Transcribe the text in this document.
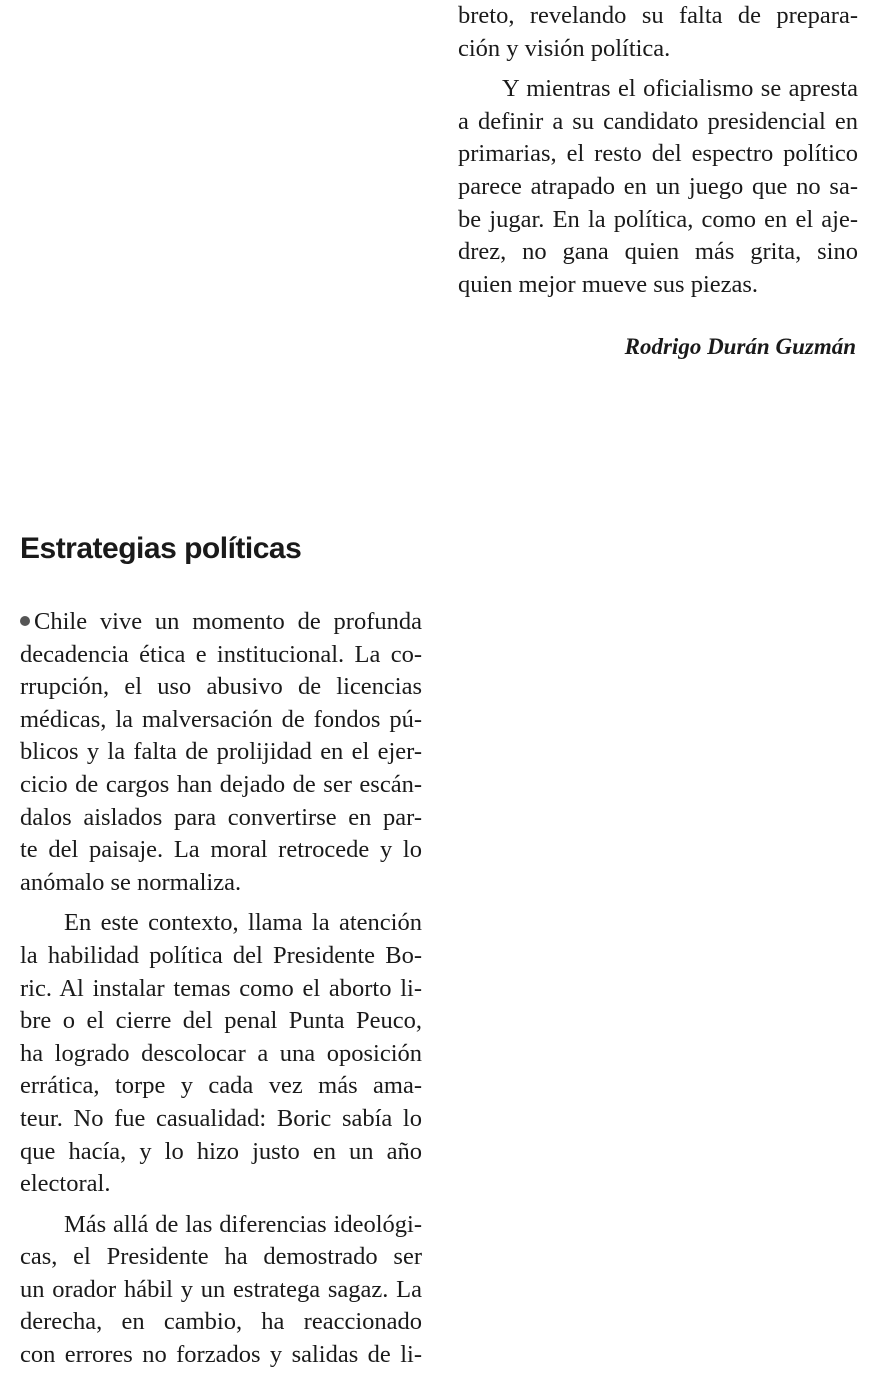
breto, revelando su falta de prepara-
ción y visión política.
Y mientras el oficialismo se apresta
a definir a su candidato presidencial en
primarias, el resto del espectro político
parece atrapado en un juego que no sa-
be jugar. En la política, como en el aje-
drez, no gana quien más grita, sino
quien mejor mueve sus piezas.
Rodrigo Durán Guzmán
Estrategias políticas
Chile vive un momento de profunda
decadencia ética e institucional. La co-
rrupción, el uso abusivo de licencias
médicas, la malversación de fondos pú-
blicos y la falta de prolijidad en el ejer-
cicio de cargos han dejado de ser escán-
dalos aislados para convertirse en par-
te del paisaje. La moral retrocede y lo
anómalo se normaliza.
En este contexto, llama la atención
la habilidad política del Presidente Bo-
ric. Al instalar temas como el aborto li-
bre o el cierre del penal Punta Peuco,
ha logrado descolocar a una oposición
errática, torpe y cada vez más ama-
teur. No fue casualidad: Boric sabía lo
que hacía, y lo hizo justo en un año
electoral.
Más allá de las diferencias ideológi-
cas, el Presidente ha demostrado ser
un orador hábil y un estratega sagaz. La
derecha, en cambio, ha reaccionado
con errores no forzados y salidas de li-
